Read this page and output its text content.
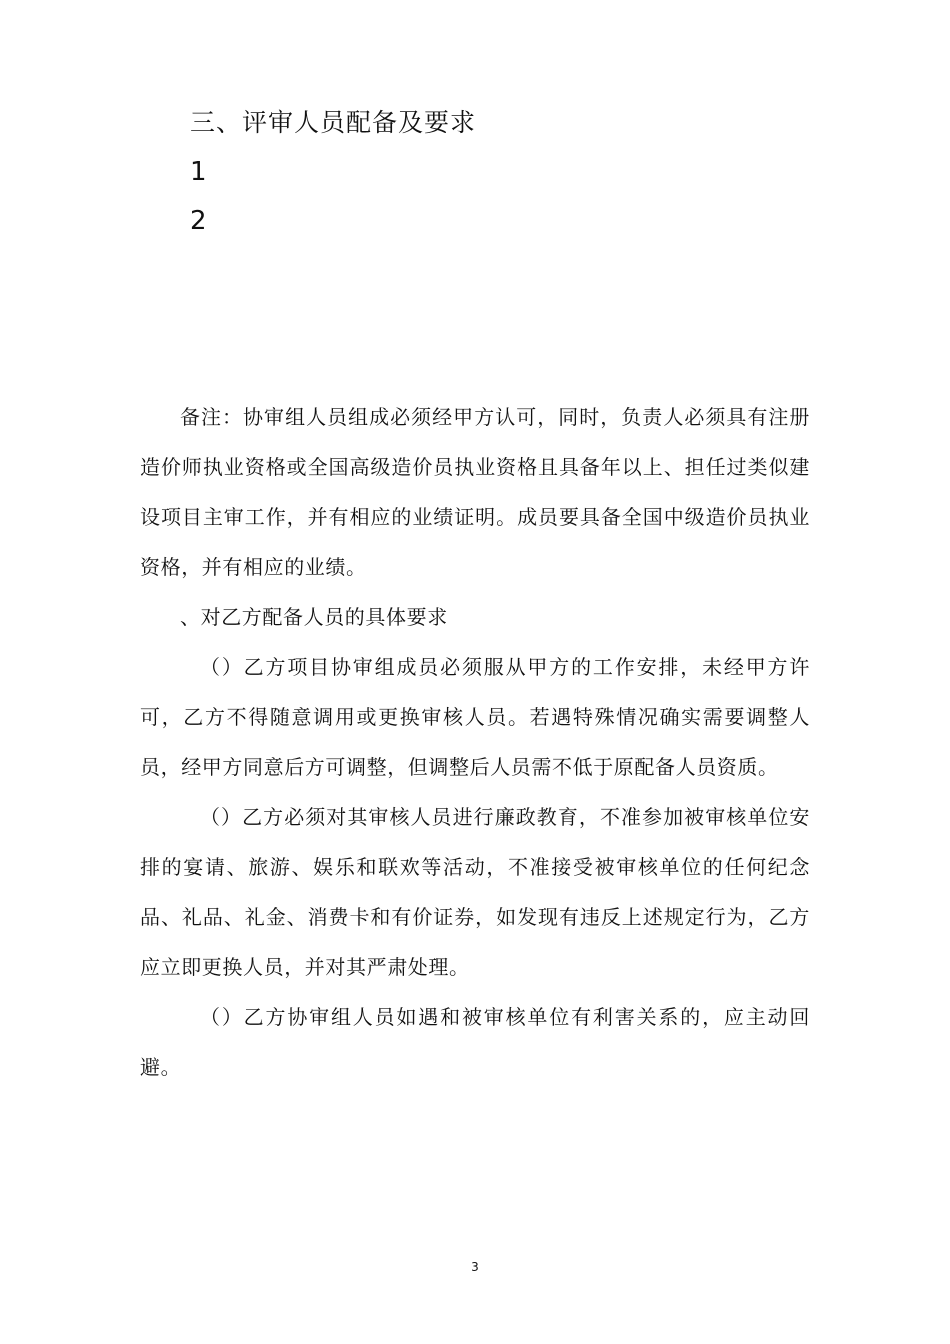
三、评审人员配备及要求
1
2

备注：协审组人员组成必须经甲方认可，同时，负责人必须具有注册造价师执业资格或全国高级造价员执业资格且具备年以上、担任过类似建设项目主审工作，并有相应的业绩证明。成员要具备全国中级造价员执业资格，并有相应的业绩。

、对乙方配备人员的具体要求

（）乙方项目协审组成员必须服从甲方的工作安排，未经甲方许可，乙方不得随意调用或更换审核人员。若遇特殊情况确实需要调整人员，经甲方同意后方可调整，但调整后人员需不低于原配备人员资质。

（）乙方必须对其审核人员进行廉政教育，不准参加被审核单位安排的宴请、旅游、娱乐和联欢等活动，不准接受被审核单位的任何纪念品、礼品、礼金、消费卡和有价证券，如发现有违反上述规定行为，乙方应立即更换人员，并对其严肃处理。

（）乙方协审组人员如遇和被审核单位有利害关系的，应主动回避。

3
